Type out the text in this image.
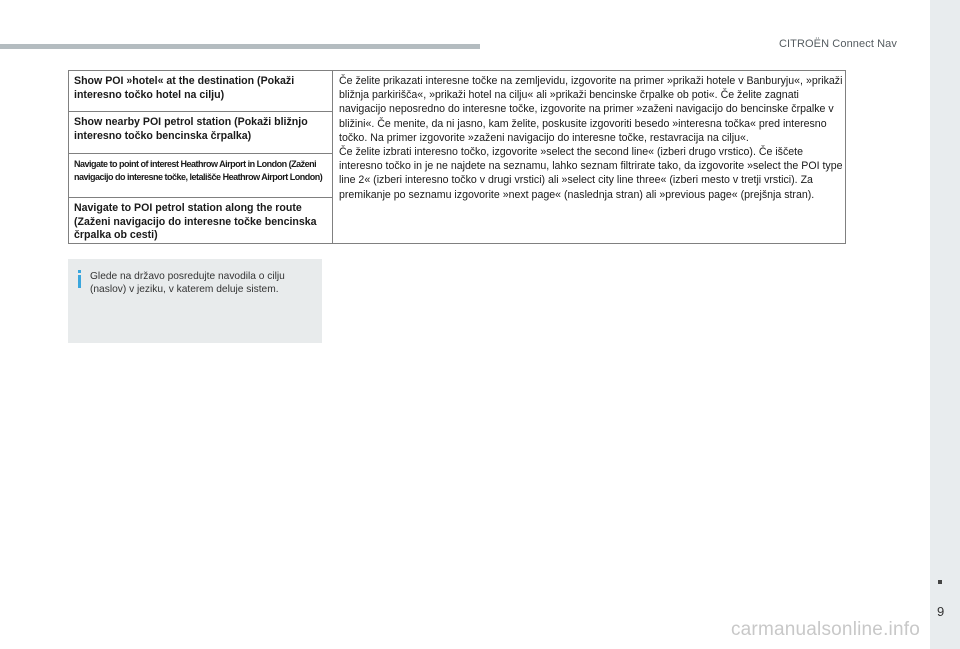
CITROËN Connect Nav
Show POI »hotel« at the destination (Pokaži interesno točko hotel na cilju)
Show nearby POI petrol station (Pokaži bližnjo interesno točko bencinska črpalka)
Navigate to point of interest Heathrow Airport in London (Zaženi navigacijo do interesne točke, letališče Heathrow Airport London)
Navigate to POI petrol station along the route (Zaženi navigacijo do interesne točke bencinska črpalka ob cesti)

Če želite prikazati interesne točke na zemljevidu, izgovorite na primer »prikaži hotele v Banburyju«, »prikaži bližnja parkirišča«, »prikaži hotel na cilju« ali »prikaži bencinske črpalke ob poti«. Če želite zagnati navigacijo neposredno do interesne točke, izgovorite na primer »zaženi navigacijo do bencinske črpalke v bližini«. Če menite, da ni jasno, kam želite, poskusite izgovoriti besedo »interesna točka« pred interesno točko. Na primer izgovorite »zaženi navigacijo do interesne točke, restavracija na cilju«.

Če želite izbrati interesno točko, izgovorite »select the second line« (izberi drugo vrstico). Če iščete interesno točko in je ne najdete na seznamu, lahko seznam filtrirate tako, da izgovorite »select the POI type line 2« (izberi interesno točko v drugi vrstici) ali »select city line three« (izberi mesto v tretji vrstici). Za premikanje po seznamu izgovorite »next page« (naslednja stran) ali »previous page« (prejšnja stran).

Glede na državo posredujte navodila o cilju (naslov) v jeziku, v katerem deluje sistem.
9
carmanualsonline.info
